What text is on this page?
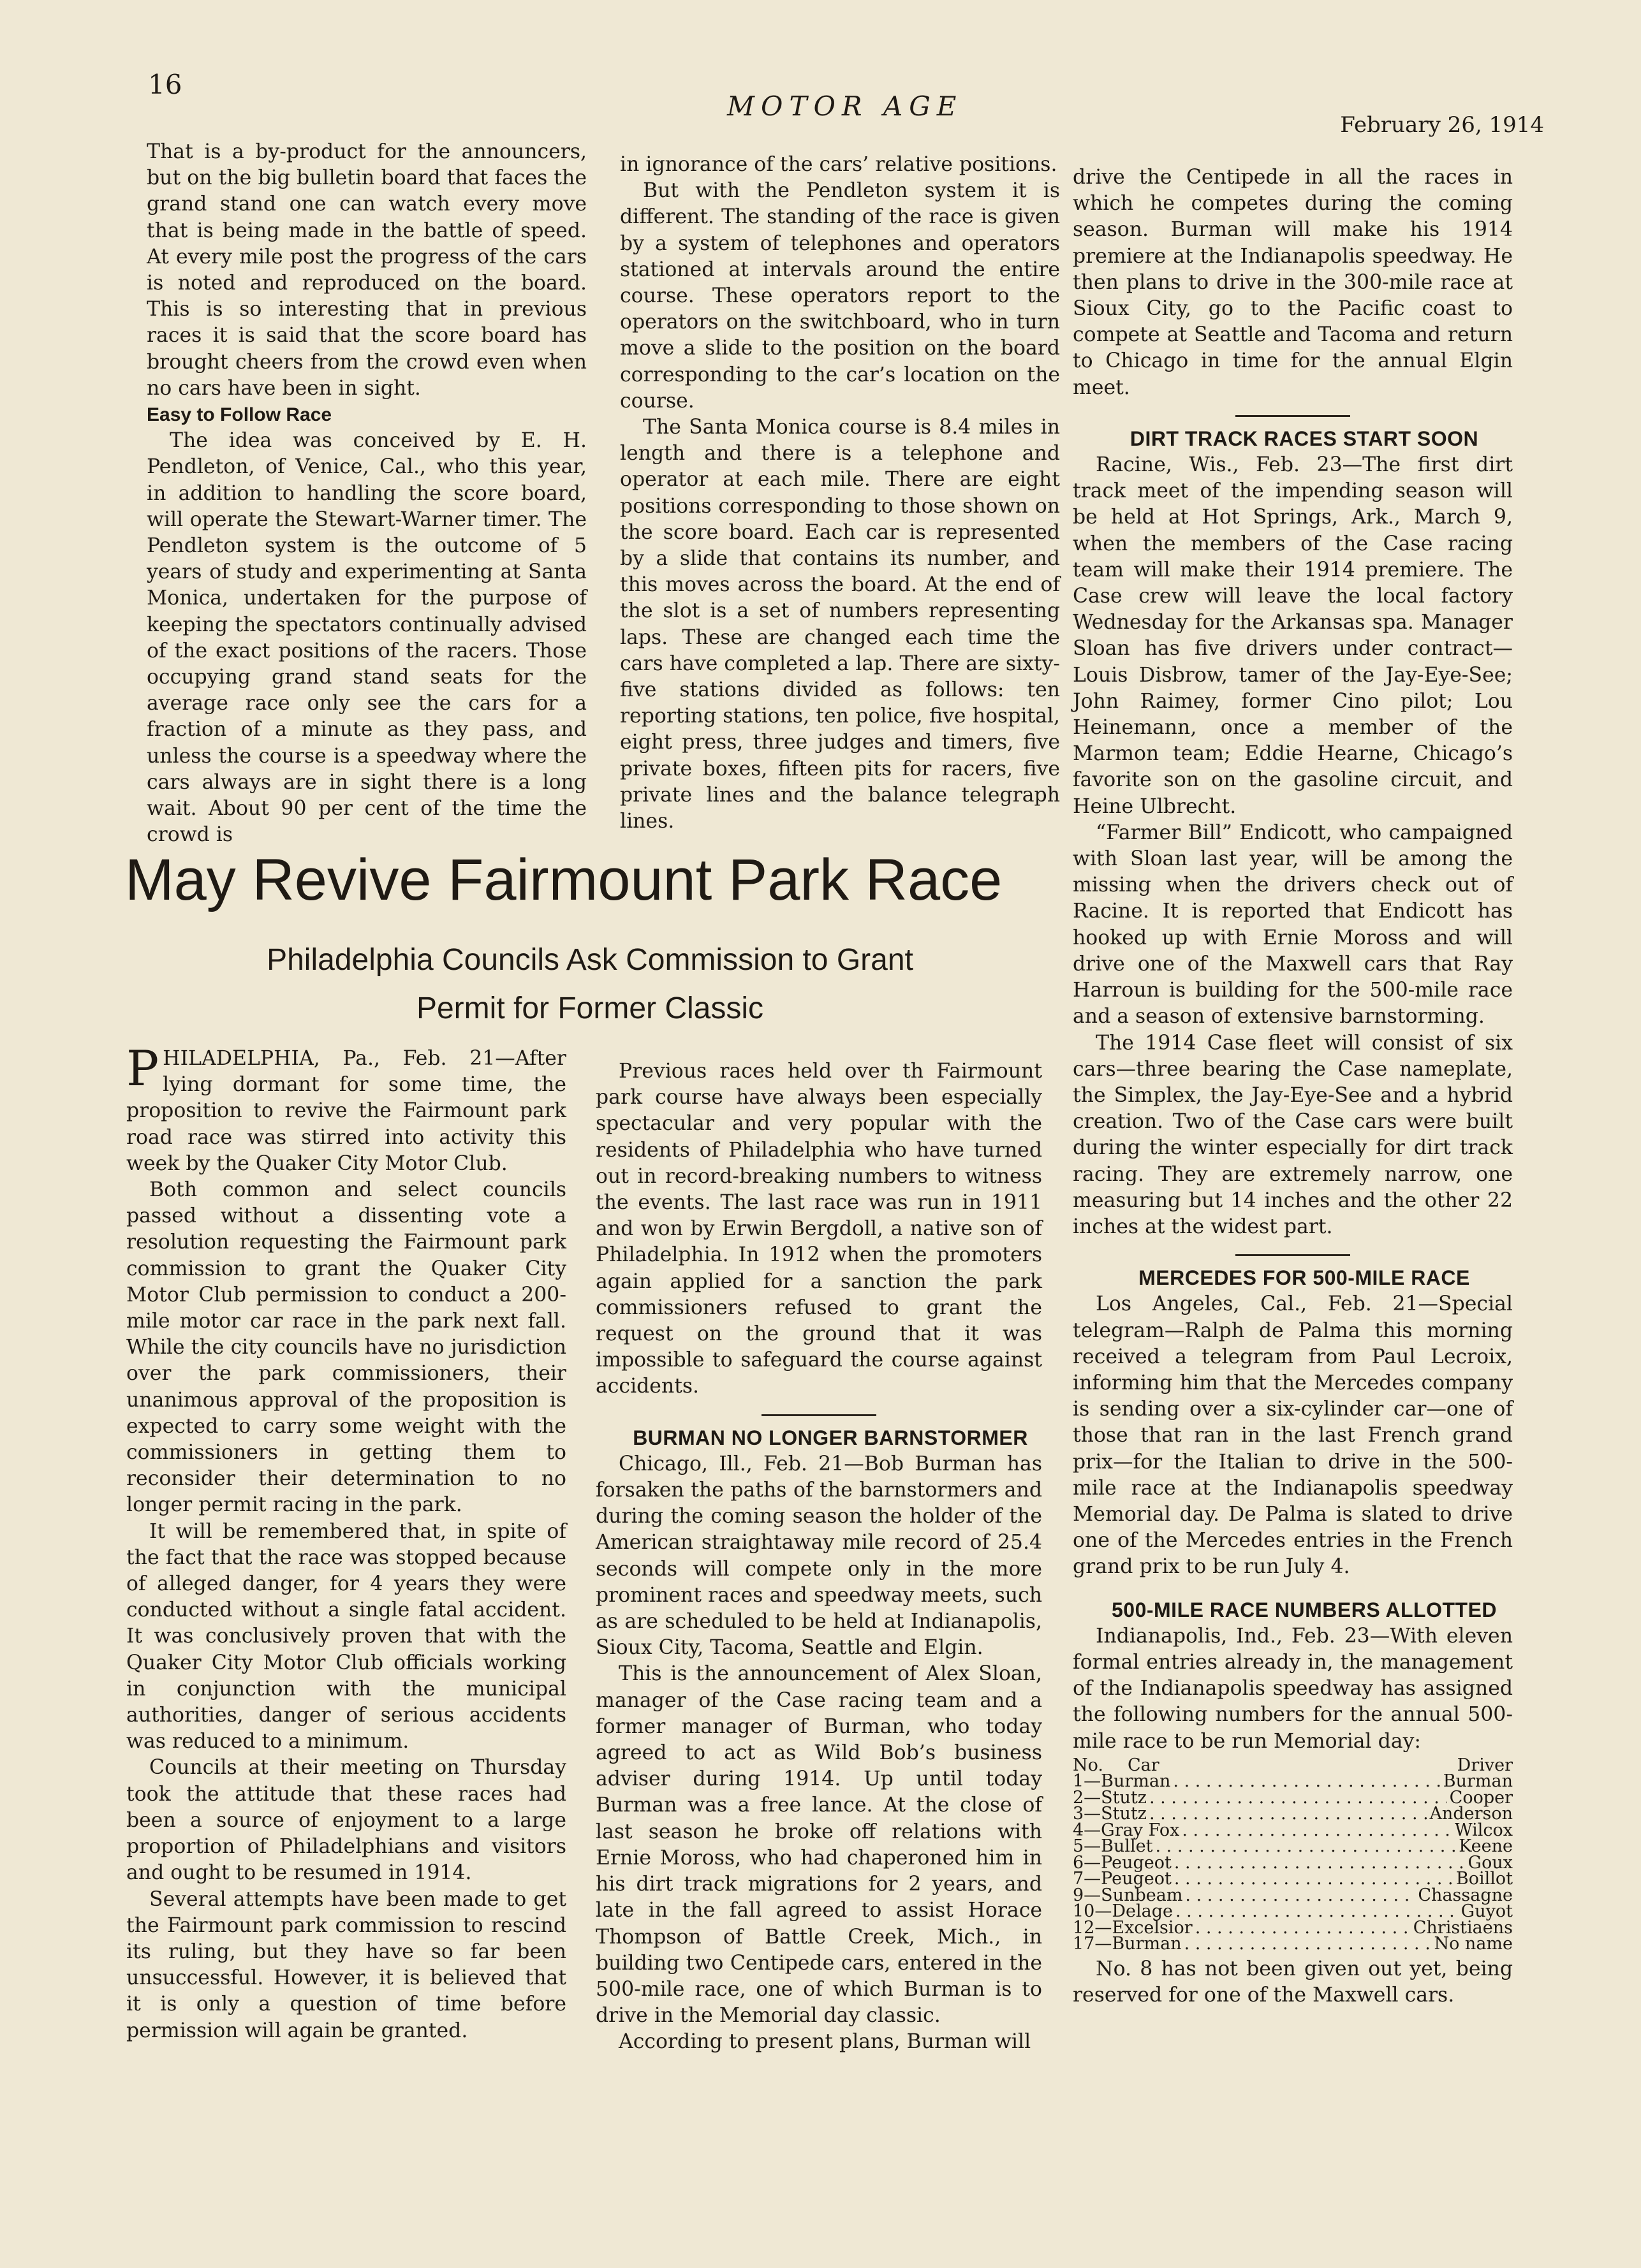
16
MOTOR AGE
February 26, 1914

That is a by-product for the announcers, but on the big bulletin board that faces the grand stand one can watch every move that is being made in the battle of speed. At every mile post the progress of the cars is noted and reproduced on the board. This is so interesting that in previous races it is said that the score board has brought cheers from the crowd even when no cars have been in sight.

Easy to Follow Race

The idea was conceived by E. H. Pendleton, of Venice, Cal., who this year, in addition to handling the score board, will operate the Stewart-Warner timer. The Pendleton system is the outcome of 5 years of study and experimenting at Santa Monica, undertaken for the purpose of keeping the spectators continually advised of the exact positions of the racers. Those occupying grand stand seats for the average race only see the cars for a fraction of a minute as they pass, and unless the course is a speedway where the cars always are in sight there is a long wait. About 90 per cent of the time the crowd is

in ignorance of the cars’ relative positions.

But with the Pendleton system it is different. The standing of the race is given by a system of telephones and operators stationed at intervals around the entire course. These operators report to the operators on the switchboard, who in turn move a slide to the position on the board corresponding to the car’s location on the course.

The Santa Monica course is 8.4 miles in length and there is a telephone and operator at each mile. There are eight positions corresponding to those shown on the score board. Each car is represented by a slide that contains its number, and this moves across the board. At the end of the slot is a set of numbers representing laps. These are changed each time the cars have completed a lap. There are sixty-five stations divided as follows: ten reporting stations, ten police, five hospital, eight press, three judges and timers, five private boxes, fifteen pits for racers, five private lines and the balance telegraph lines.

drive the Centipede in all the races in which he competes during the coming season. Burman will make his 1914 premiere at the Indianapolis speedway. He then plans to drive in the 300-mile race at Sioux City, go to the Pacific coast to compete at Seattle and Tacoma and return to Chicago in time for the annual Elgin meet.

DIRT TRACK RACES START SOON

Racine, Wis., Feb. 23—The first dirt track meet of the impending season will be held at Hot Springs, Ark., March 9, when the members of the Case racing team will make their 1914 premiere. The Case crew will leave the local factory Wednesday for the Arkansas spa. Manager Sloan has five drivers under contract—Louis Disbrow, tamer of the Jay-Eye-See; John Raimey, former Cino pilot; Lou Heinemann, once a member of the Marmon team; Eddie Hearne, Chicago’s favorite son on the gasoline circuit, and Heine Ulbrecht.

“Farmer Bill” Endicott, who campaigned with Sloan last year, will be among the missing when the drivers check out of Racine. It is reported that Endicott has hooked up with Ernie Moross and will drive one of the Maxwell cars that Ray Harroun is building for the 500-mile race and a season of extensive barnstorming.

The 1914 Case fleet will consist of six cars—three bearing the Case nameplate, the Simplex, the Jay-Eye-See and a hybrid creation. Two of the Case cars were built during the winter especially for dirt track racing. They are extremely narrow, one measuring but 14 inches and the other 22 inches at the widest part.

MERCEDES FOR 500-MILE RACE

Los Angeles, Cal., Feb. 21—Special telegram—Ralph de Palma this morning received a telegram from Paul Lecroix, informing him that the Mercedes company is sending over a six-cylinder car—one of those that ran in the last French grand prix—for the Italian to drive in the 500-mile race at the Indianapolis speedway Memorial day. De Palma is slated to drive one of the Mercedes entries in the French grand prix to be run July 4.

500-MILE RACE NUMBERS ALLOTTED

Indianapolis, Ind., Feb. 23—With eleven formal entries already in, the management of the Indianapolis speedway has assigned the following numbers for the annual 500-mile race to be run Memorial day:

No. Car	Driver
1—Burman . . .	Burman
2—Stutz . . .	Cooper
3—Stutz . . .	Anderson
4—Gray Fox . . .	Wilcox
5—Bullet . . .	Keene
6—Peugeot . . .	Goux
7—Peugeot . . .	Boillot
9—Sunbeam . . .	Chassagne
10—Delage . . .	Guyot
12—Excelsior . . .	Christiaens
17—Burman . . .	No name

No. 8 has not been given out yet, being reserved for one of the Maxwell cars.

May Revive Fairmount Park Race
Philadelphia Councils Ask Commission to Grant
Permit for Former Classic

PHILADELPHIA, Pa., Feb. 21—After lying dormant for some time, the proposition to revive the Fairmount park road race was stirred into activity this week by the Quaker City Motor Club.

Both common and select councils passed without a dissenting vote a resolution requesting the Fairmount park commission to grant the Quaker City Motor Club permission to conduct a 200-mile motor car race in the park next fall. While the city councils have no jurisdiction over the park commissioners, their unanimous approval of the proposition is expected to carry some weight with the commissioners in getting them to reconsider their determination to no longer permit racing in the park.

It will be remembered that, in spite of the fact that the race was stopped because of alleged danger, for 4 years they were conducted without a single fatal accident. It was conclusively proven that with the Quaker City Motor Club officials working in conjunction with the municipal authorities, danger of serious accidents was reduced to a minimum.

Councils at their meeting on Thursday took the attitude that these races had been a source of enjoyment to a large proportion of Philadelphians and visitors and ought to be resumed in 1914.

Several attempts have been made to get the Fairmount park commission to rescind its ruling, but they have so far been unsuccessful. However, it is believed that it is only a question of time before permission will again be granted.

Previous races held over th Fairmount park course have always been especially spectacular and very popular with the residents of Philadelphia who have turned out in record-breaking numbers to witness the events. The last race was run in 1911 and won by Erwin Bergdoll, a native son of Philadelphia. In 1912 when the promoters again applied for a sanction the park commissioners refused to grant the request on the ground that it was impossible to safeguard the course against accidents.

BURMAN NO LONGER BARNSTORMER

Chicago, Ill., Feb. 21—Bob Burman has forsaken the paths of the barnstormers and during the coming season the holder of the American straightaway mile record of 25.4 seconds will compete only in the more prominent races and speedway meets, such as are scheduled to be held at Indianapolis, Sioux City, Tacoma, Seattle and Elgin.

This is the announcement of Alex Sloan, manager of the Case racing team and a former manager of Burman, who today agreed to act as Wild Bob’s business adviser during 1914. Up until today Burman was a free lance. At the close of last season he broke off relations with Ernie Moross, who had chaperoned him in his dirt track migrations for 2 years, and late in the fall agreed to assist Horace Thompson of Battle Creek, Mich., in building two Centipede cars, entered in the 500-mile race, one of which Burman is to drive in the Memorial day classic.

According to present plans, Burman will
